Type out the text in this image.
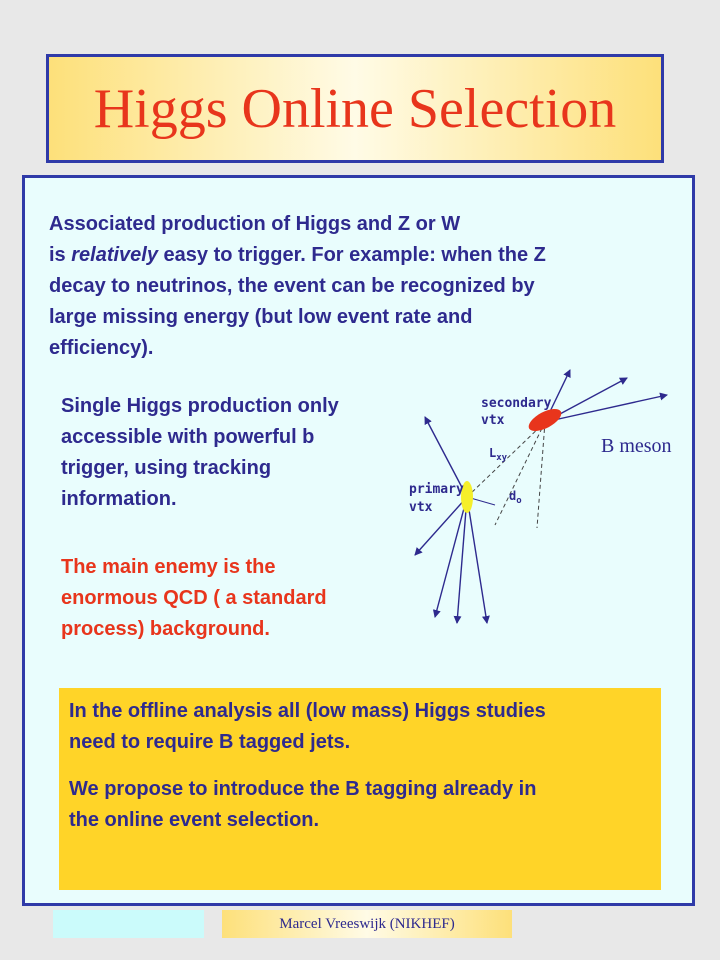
Higgs Online Selection
Associated production of Higgs and Z or W
is relatively easy to trigger. For example: when the Z
decay to neutrinos, the event can be recognized by
large missing energy (but low event rate and
efficiency).
Single Higgs production only
accessible with powerful b
trigger, using tracking
information.
The main enemy is the
enormous QCD ( a standard
process) background.
secondary
vtx
primary
vtx
$L_{xy}$
$d_o$
B meson
In the offline analysis all (low mass) Higgs studies
need to require B tagged jets.
We propose to introduce the B tagging already in
the online event selection.
Marcel Vreeswijk (NIKHEF)
